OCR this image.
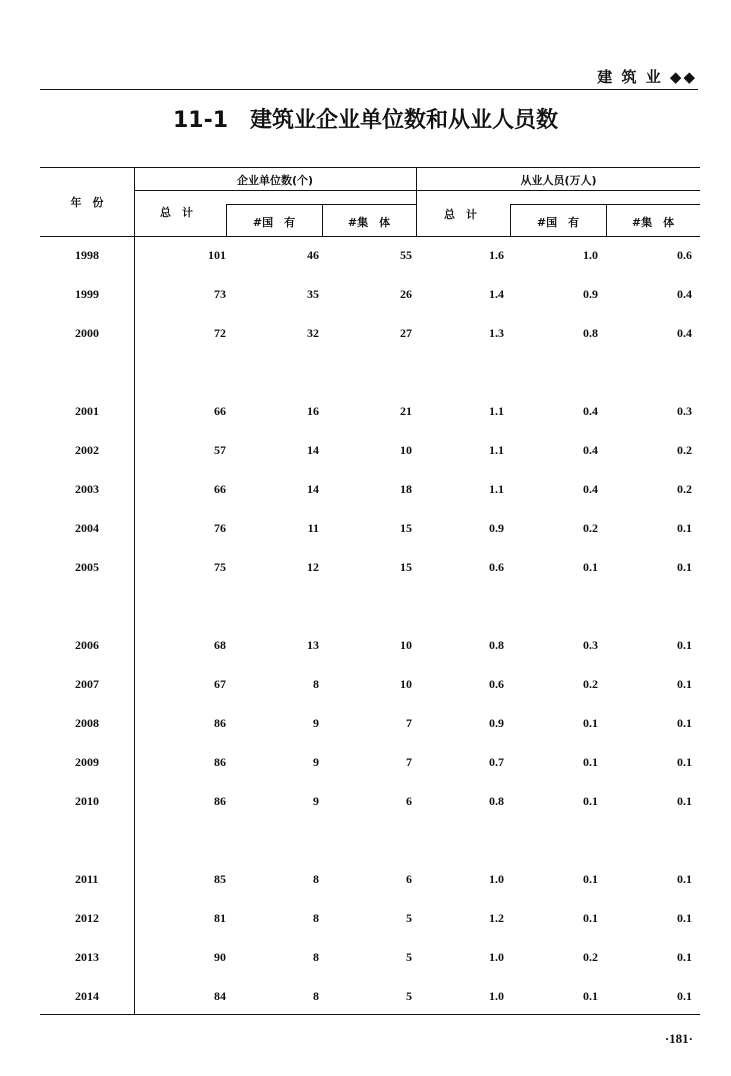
建 筑 业 ◆◆
11-1 建筑业企业单位数和从业人员数
年　份
企业单位数(个)	从业人员(万人)
总　计
#国　有	#集　体
总　计
#国　有	#集　体
1998	101	46	55	1.6	1.0	0.6
1999	73	35	26	1.4	0.9	0.4
2000	72	32	27	1.3	0.8	0.4
2001	66	16	21	1.1	0.4	0.3
2002	57	14	10	1.1	0.4	0.2
2003	66	14	18	1.1	0.4	0.2
2004	76	11	15	0.9	0.2	0.1
2005	75	12	15	0.6	0.1	0.1
2006	68	13	10	0.8	0.3	0.1
2007	67	8	10	0.6	0.2	0.1
2008	86	9	7	0.9	0.1	0.1
2009	86	9	7	0.7	0.1	0.1
2010	86	9	6	0.8	0.1	0.1
2011	85	8	6	1.0	0.1	0.1
2012	81	8	5	1.2	0.1	0.1
2013	90	8	5	1.0	0.2	0.1
2014	84	8	5	1.0	0.1	0.1
·181·
